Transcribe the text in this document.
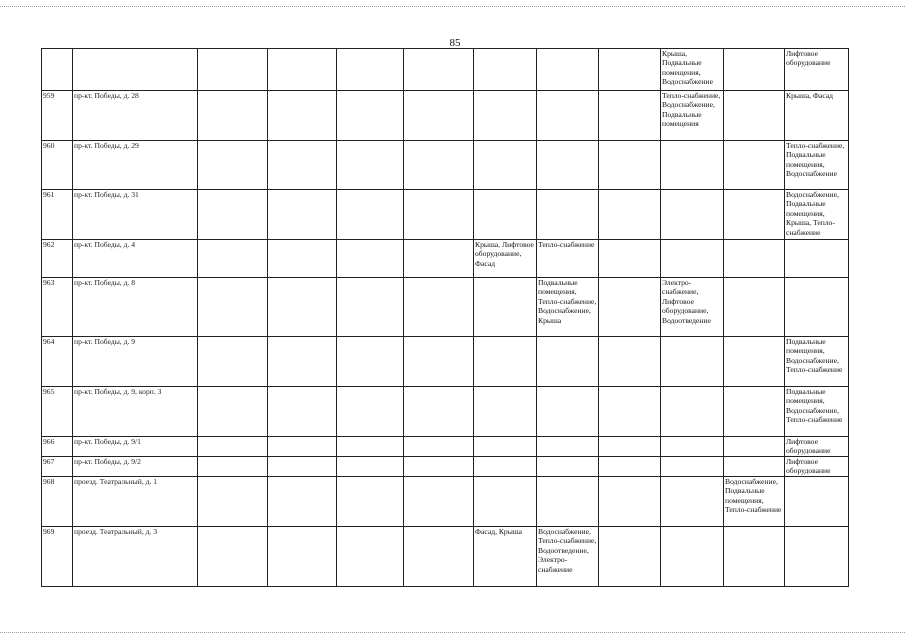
85
									Крыша, Подвальные помещения, Водоснабжение		Лифтовое оборудование
959	пр-кт. Победы, д. 28								Тепло-снабжение, Водоснабжение, Подвальные помещения		Крыша, Фасад
960	пр-кт. Победы, д. 29										Тепло-снабжение, Подвальные помещения, Водоснабжение
961	пр-кт. Победы, д. 31										Водоснабжение, Подвальные помещения, Крыша, Тепло-снабжение
962	пр-кт. Победы, д. 4					Крыша, Лифтовое оборудование, Фасад	Тепло-снабжение				
963	пр-кт. Победы, д. 8						Подвальные помещения, Тепло-снабжение, Водоснабжение, Крыша		Электро-снабжение, Лифтовое оборудование, Водоотведение		
964	пр-кт. Победы, д. 9										Подвальные помещения, Водоснабжение, Тепло-снабжение
965	пр-кт. Победы, д. 9, корп. 3										Подвальные помещения, Водоснабжение, Тепло-снабжение
966	пр-кт. Победы, д. 9/1										Лифтовое оборудование
967	пр-кт. Победы, д. 9/2										Лифтовое оборудование
968	проезд. Театральный, д. 1									Водоснабжение, Подвальные помещения, Тепло-снабжение	
969	проезд. Театральный, д. 3					Фасад, Крыша	Водоснабжение, Тепло-снабжение, Водоотведение, Электро-снабжение				
